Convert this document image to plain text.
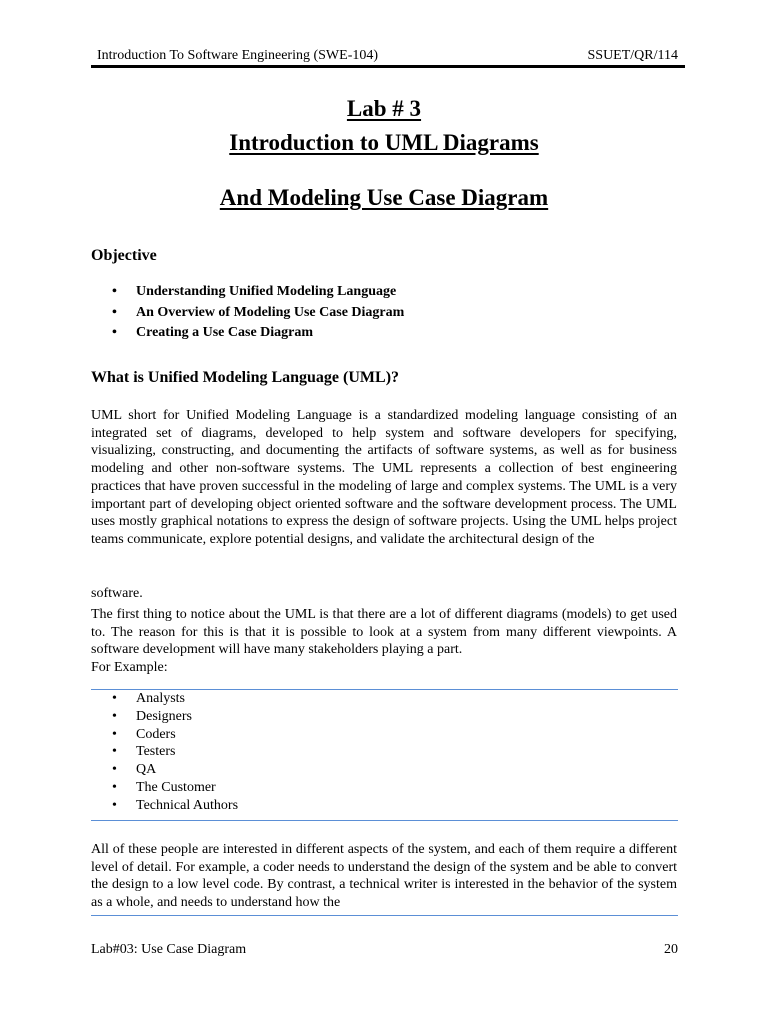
Introduction To Software Engineering (SWE-104)	SSUET/QR/114
Lab # 3
Introduction to UML Diagrams
And Modeling Use Case Diagram
Objective
• Understanding Unified Modeling Language
• An Overview of Modeling Use Case Diagram
• Creating a Use Case Diagram
What is Unified Modeling Language (UML)?

UML short for Unified Modeling Language is a standardized modeling language consisting of an integrated set of diagrams, developed to help system and software developers for specifying, visualizing, constructing, and documenting the artifacts of software systems, as well as for business modeling and other non-software systems. The UML represents a collection of best engineering practices that have proven successful in the modeling of large and complex systems. The UML is a very important part of developing object oriented software and the software development process. The UML uses mostly graphical notations to express the design of software projects. Using the UML helps project teams communicate, explore potential designs, and validate the architectural design of the

software.

The first thing to notice about the UML is that there are a lot of different diagrams (models) to get used to. The reason for this is that it is possible to look at a system from many different viewpoints. A software development will have many stakeholders playing a part.
For Example:

• Analysts
• Designers
• Coders
• Testers
• QA
• The Customer
• Technical Authors

All of these people are interested in different aspects of the system, and each of them require a different level of detail. For example, a coder needs to understand the design of the system and be able to convert the design to a low level code. By contrast, a technical writer is interested in the behavior of the system as a whole, and needs to understand how the

Lab#03: Use Case Diagram	20
